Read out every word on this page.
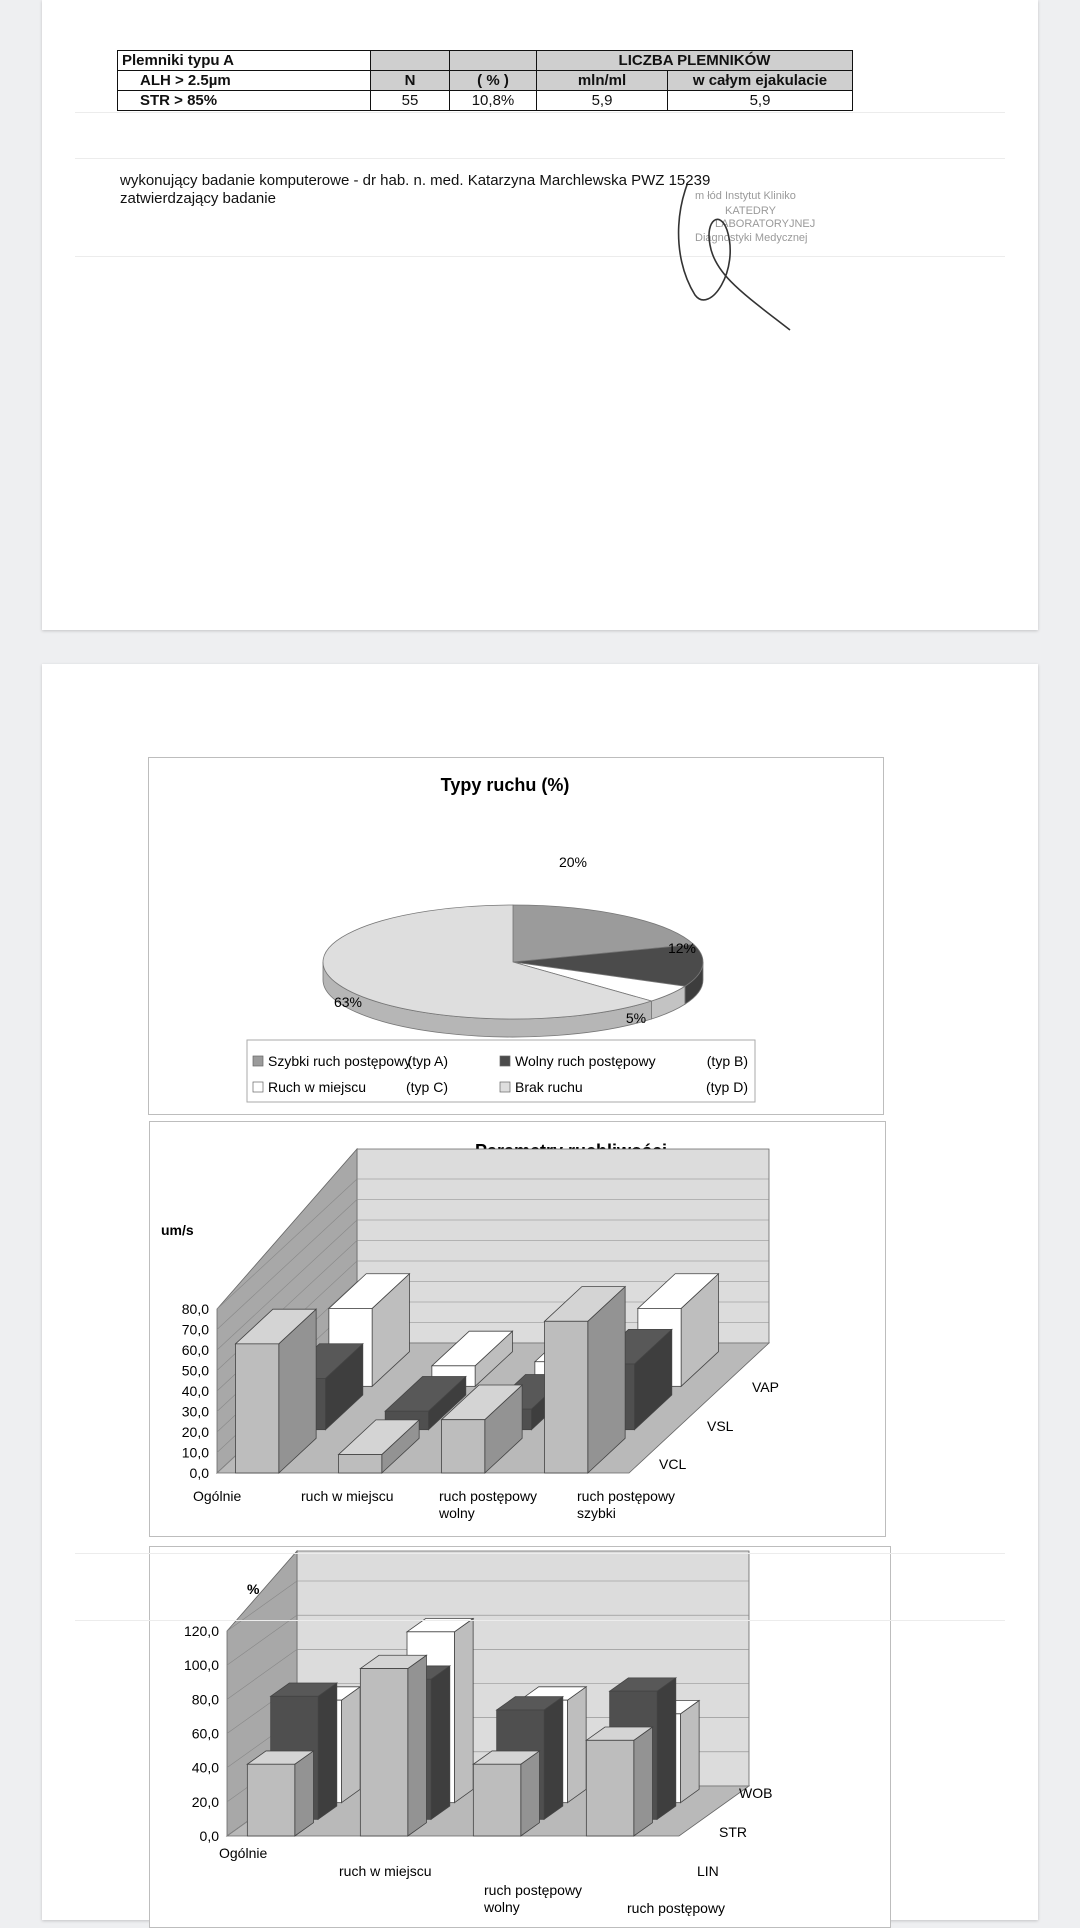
Plemniki typu A			LICZBA PLEMNIKÓW	
ALH > 2.5µm	N	( % )	mln/ml	w całym ejakulacie
STR > 85%	55	10,8%	5,9	5,9
wykonujący badanie komputerowe - dr hab. n. med. Katarzyna Marchlewska PWZ 15239
zatwierdzający badanie	m łód Instytut Kliniko
KATEDRY
LABORATORYJNEJ
Diagnostyki Medycznej
Typy ruchu (%)
20%
12%
5%
63%
Szybki ruch postępowy
(typ A)	Wolny ruch postępowy	(typ B)
Ruch w miejscu	(typ C)	Brak ruchu	(typ D)
um/s
0,0
10,0
20,0
30,0
40,0
50,0
60,0
70,0
80,0
Ogólnie	ruch w miejscu	ruch postępowy
wolny
ruch postępowy
szybki
VCL
VSL
VAP
%
0,0
20,0
40,0
60,0
80,0
100,0
120,0
Ogólnie
ruch w miejscu
ruch postępowy
wolny	ruch postępowy
LIN
STR
WOB
